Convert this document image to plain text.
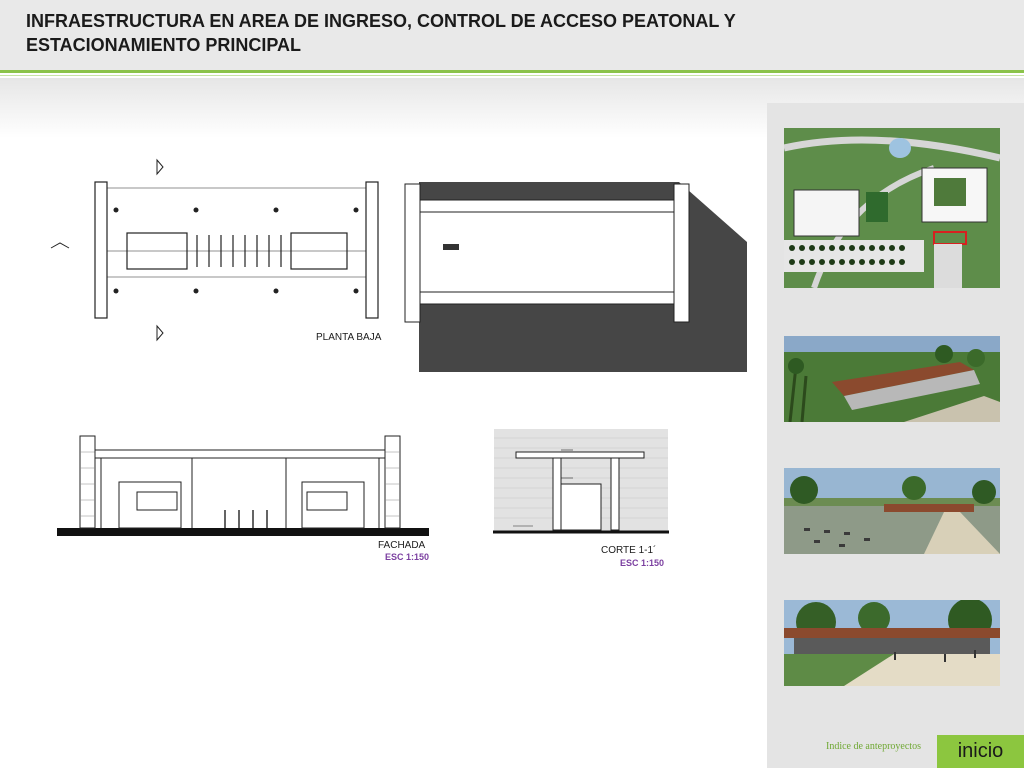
INFRAESTRUCTURA EN AREA DE INGRESO, CONTROL DE ACCESO PEATONAL Y ESTACIONAMIENTO PRINCIPAL
PLANTA BAJA
FACHADA
ESC 1:150
CORTE 1-1´
ESC 1:150
Indice de anteproyectos	inicio
